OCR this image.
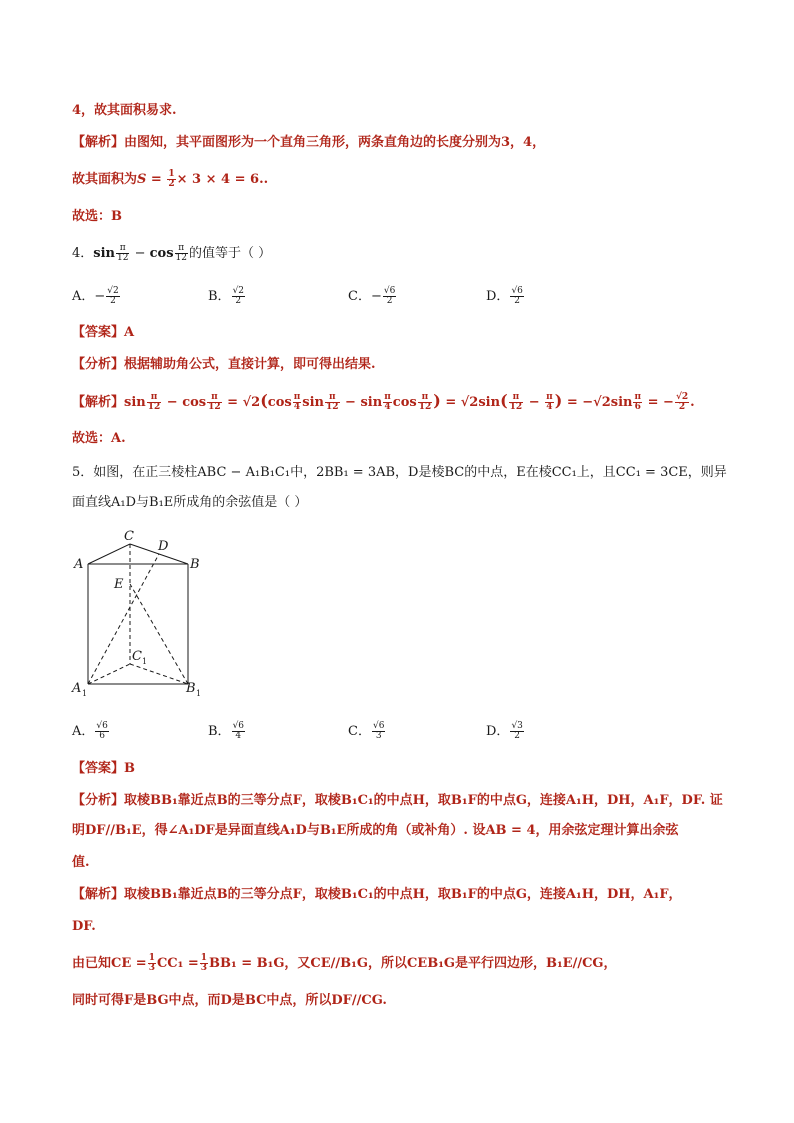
4，故其面积易求.
【解析】由图知，其平面图形为一个直角三角形，两条直角边的长度分别为3，4，
故其面积为$S = \frac{1}{2} \times 3 \times 4 = 6$..
故选：B
4．$\sin \frac{\pi}{12} - \cos \frac{\pi}{12}$ 的值等于（ ）
A．− $\frac{√2}{2}$	B． $\frac{√2}{2}$	C．− $\frac{√6}{2}$	D． $\frac{√6}{2}$
【答案】A
【分析】根据辅助角公式，直接计算，即可得出结果.
【解析】$\sin \frac{\pi}{12} - \cos \frac{\pi}{12} = √2(\cos \frac{\pi}{4}$ $\sin \frac{\pi}{12} - \sin \frac{\pi}{4}$ $\cos \frac{\pi}{12}$ ) = $√2\sin( \frac{\pi}{12} - \frac{\pi}{4}$ ) = $-√2\sin \frac{\pi}{6}$ = − $\frac{√2}{2}$ .
故选：A.
5．如图，在正三棱柱ABC − A₁B₁C₁中，2BB₁ = 3AB，D是棱BC的中点，E在棱CC₁上，且CC₁ = 3CE，则异
面直线A₁D与B₁E所成角的余弦值是（ ）
A
C
D
B
E
C 1
A 1	B 1
A． $\frac{√6}{6}$	B． $\frac{√6}{4}$	C． $\frac{√6}{3}$	D． $\frac{√3}{2}$
【答案】B
【分析】取棱BB₁靠近点B的三等分点F，取棱B₁C₁的中点H，取B₁F的中点G，连接A₁H，DH，A₁F，DF. 证
明DF//B₁E，得∠A₁DF是异面直线A₁D与B₁E所成的角（或补角）. 设AB = 4，用余弦定理计算出余弦
值.
【解析】取棱BB₁靠近点B的三等分点F，取棱B₁C₁的中点H，取B₁F的中点G，连接A₁H，DH，A₁F，
DF.
由已知CE = $\frac{1}{3} CC_1 = \frac{1}{3} BB_1 = B_1G$，又CE//B₁G，所以CEB₁G是平行四边形，B₁E//CG，
同时可得F是BG中点，而D是BC中点，所以DF//CG.
